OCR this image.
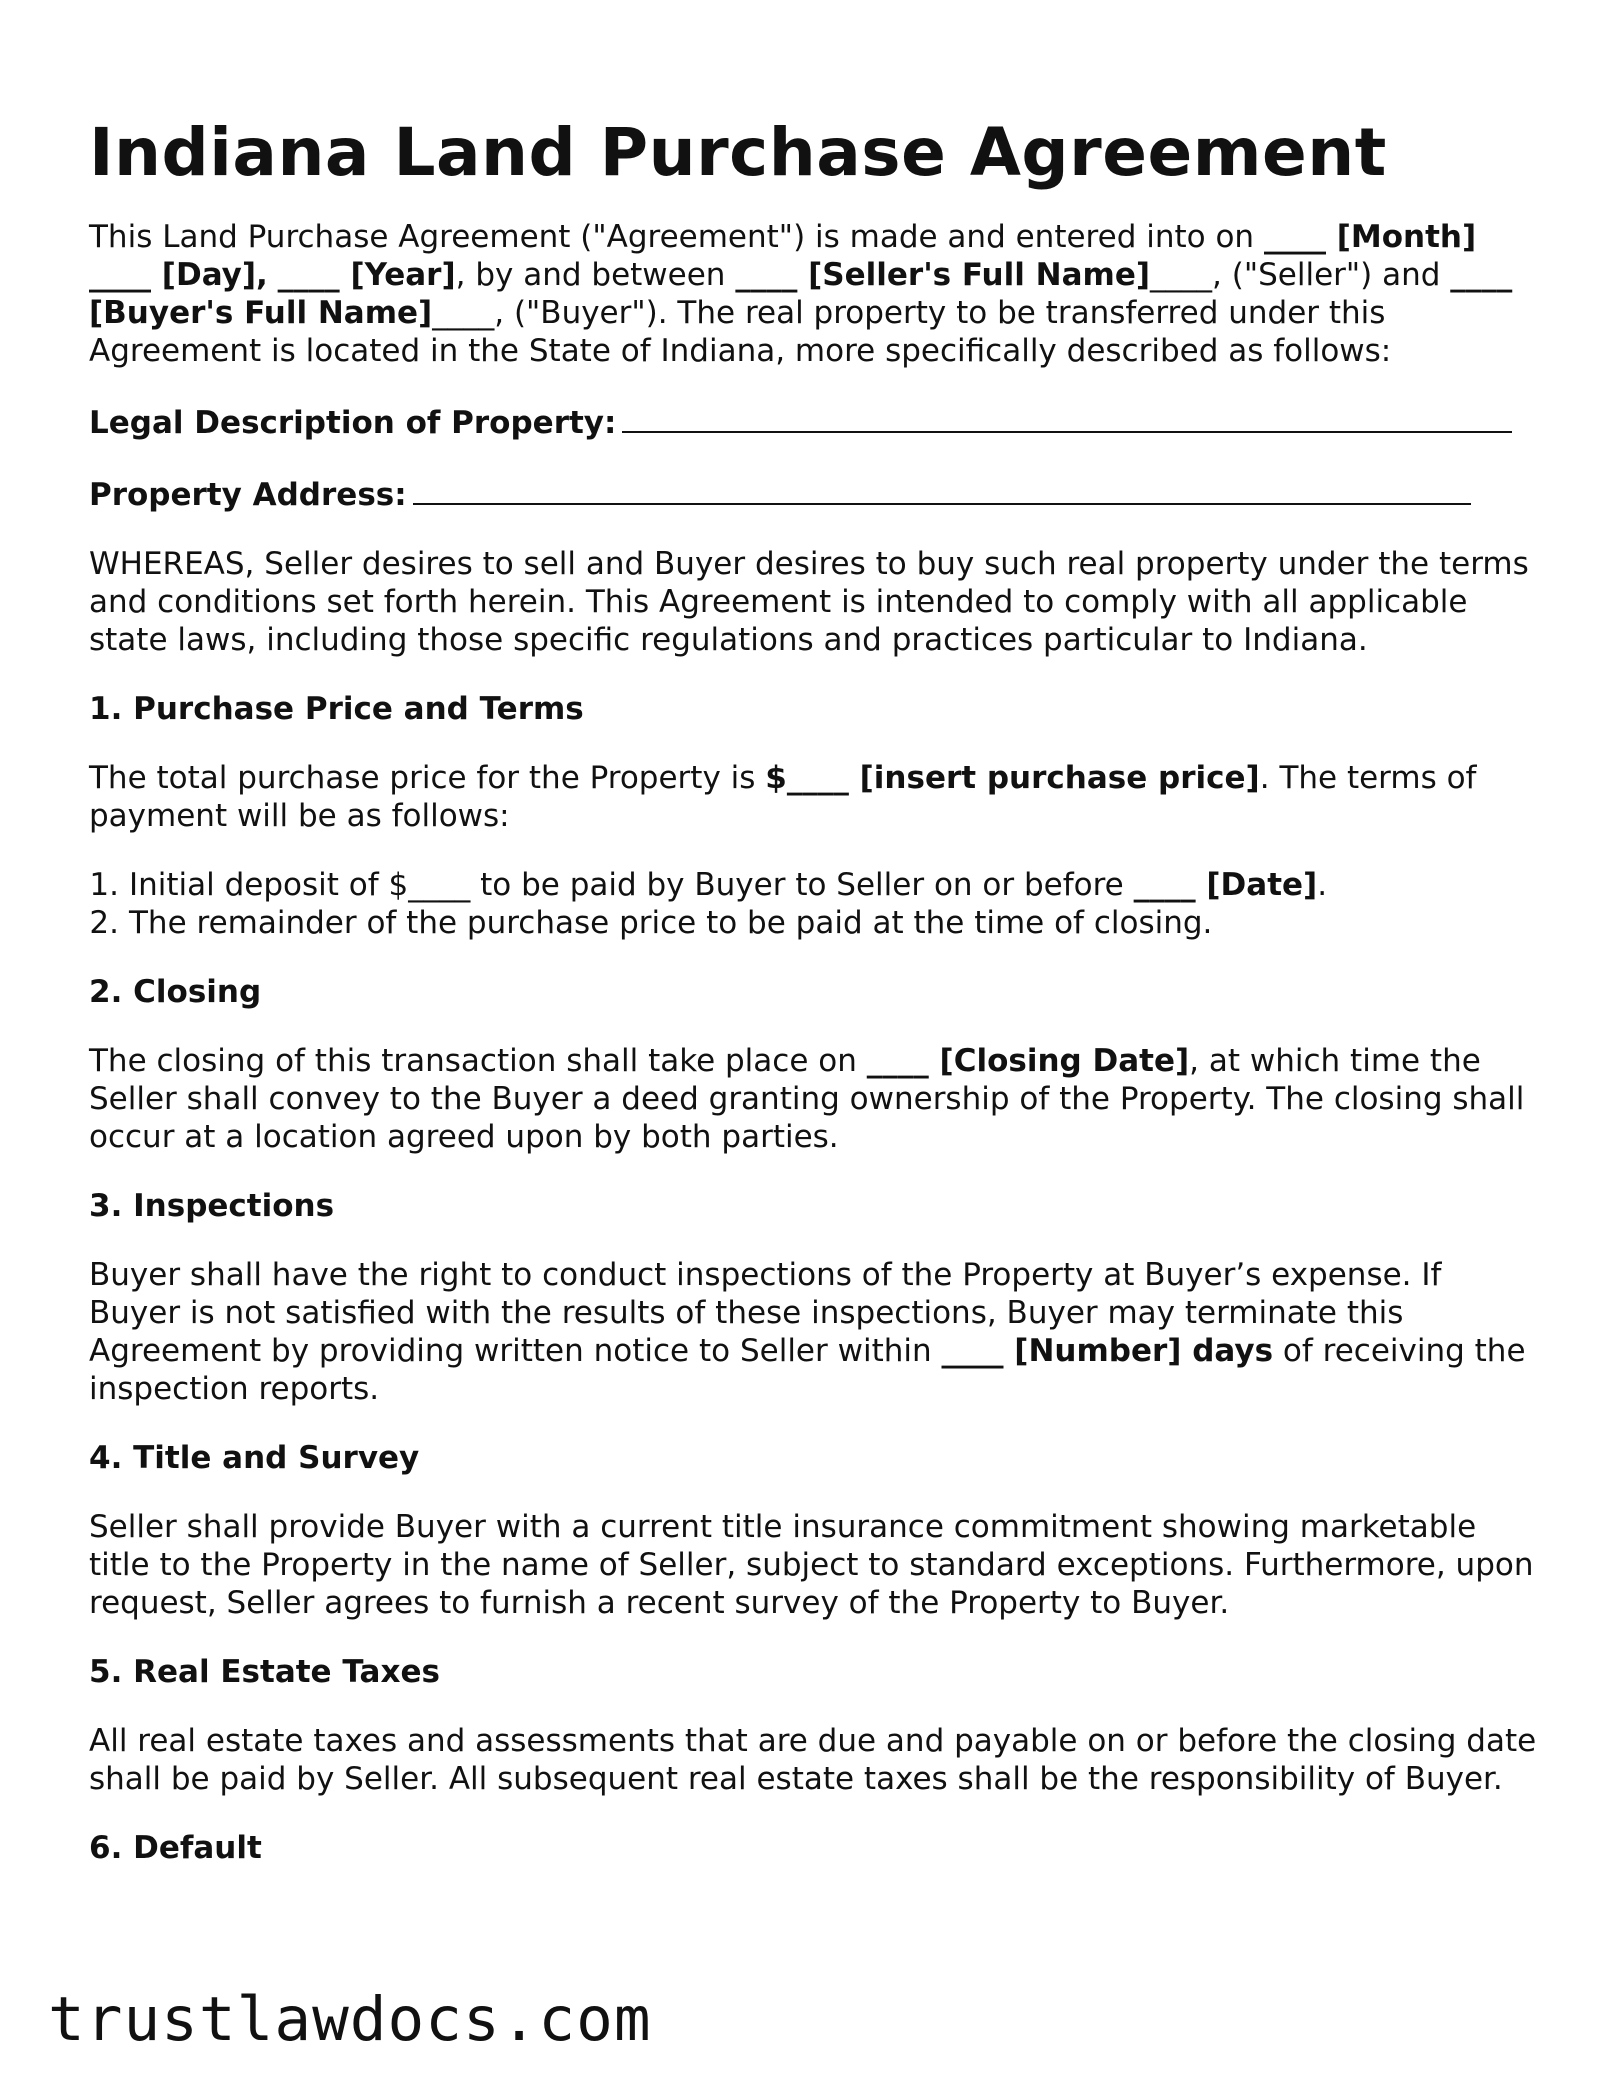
Indiana Land Purchase Agreement

This Land Purchase Agreement ("Agreement") is made and entered into on ____ [Month] ____ [Day], ____ [Year], by and between ____ [Seller's Full Name]____, ("Seller") and ____ [Buyer's Full Name]____, ("Buyer"). The real property to be transferred under this Agreement is located in the State of Indiana, more specifically described as follows:

Legal Description of Property:
Property Address:

WHEREAS, Seller desires to sell and Buyer desires to buy such real property under the terms and conditions set forth herein. This Agreement is intended to comply with all applicable state laws, including those specific regulations and practices particular to Indiana.

1. Purchase Price and Terms

The total purchase price for the Property is $____ [insert purchase price]. The terms of payment will be as follows:

1. Initial deposit of $____ to be paid by Buyer to Seller on or before ____ [Date].
2. The remainder of the purchase price to be paid at the time of closing.
2. Closing

The closing of this transaction shall take place on ____ [Closing Date], at which time the Seller shall convey to the Buyer a deed granting ownership of the Property. The closing shall occur at a location agreed upon by both parties.

3. Inspections

Buyer shall have the right to conduct inspections of the Property at Buyer’s expense. If Buyer is not satisfied with the results of these inspections, Buyer may terminate this Agreement by providing written notice to Seller within ____ [Number] days of receiving the inspection reports.

4. Title and Survey

Seller shall provide Buyer with a current title insurance commitment showing marketable title to the Property in the name of Seller, subject to standard exceptions. Furthermore, upon request, Seller agrees to furnish a recent survey of the Property to Buyer.

5. Real Estate Taxes

All real estate taxes and assessments that are due and payable on or before the closing date shall be paid by Seller. All subsequent real estate taxes shall be the responsibility of Buyer.

6. Default
trustlawdocs.com
